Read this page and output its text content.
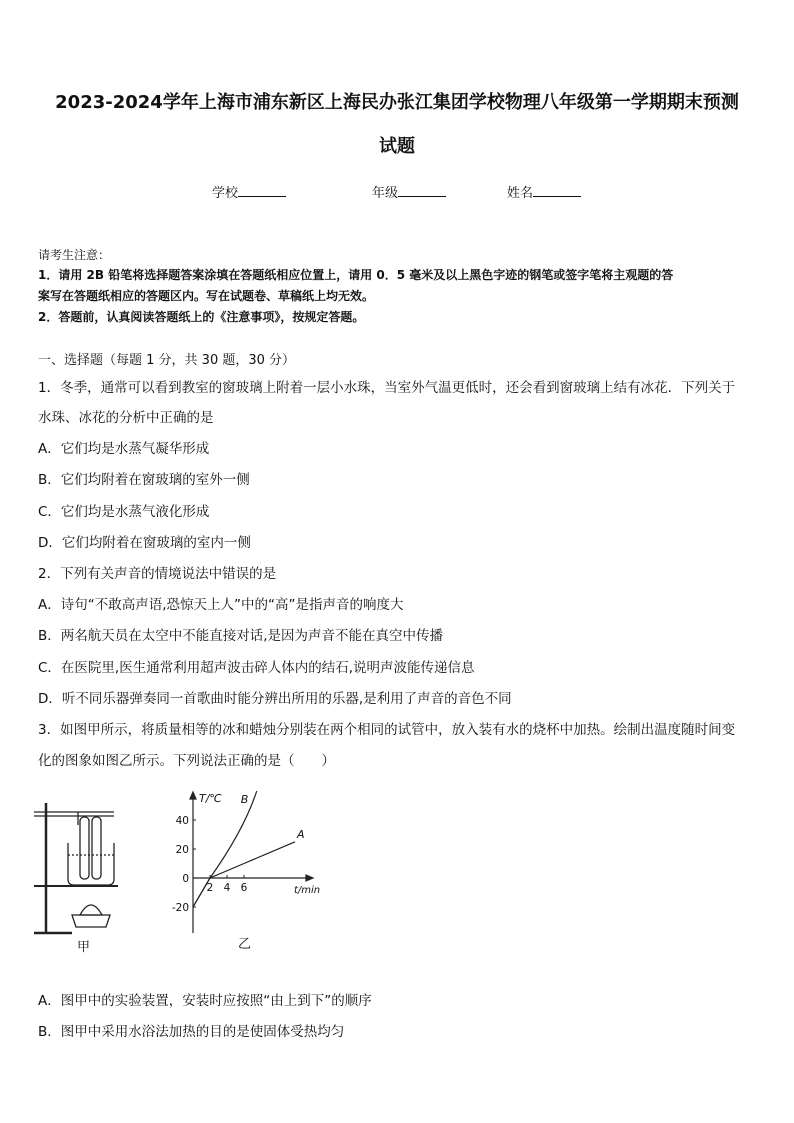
2023-2024学年上海市浦东新区上海民办张江集团学校物理八年级第一学期期末预测
试题
学校	年级	姓名
请考生注意：
1．请用 2B 铅笔将选择题答案涂填在答题纸相应位置上，请用 0．5 毫米及以上黑色字迹的钢笔或签字笔将主观题的答
案写在答题纸相应的答题区内。写在试题卷、草稿纸上均无效。
2．答题前，认真阅读答题纸上的《注意事项》，按规定答题。
一、选择题（每题 1 分，共 30 题，30 分）
1．冬季，通常可以看到教室的窗玻璃上附着一层小水珠，当室外气温更低时，还会看到窗玻璃上结有冰花．下列关于
水珠、冰花的分析中正确的是
A．它们均是水蒸气凝华形成
B．它们均附着在窗玻璃的室外一侧
C．它们均是水蒸气液化形成
D．它们均附着在窗玻璃的室内一侧
2．下列有关声音的情境说法中错误的是
A．诗句“不敢高声语,恐惊天上人”中的“高”是指声音的响度大
B．两名航天员在太空中不能直接对话,是因为声音不能在真空中传播
C．在医院里,医生通常利用超声波击碎人体内的结石,说明声波能传递信息
D．听不同乐器弹奏同一首歌曲时能分辨出所用的乐器,是利用了声音的音色不同
3．如图甲所示，将质量相等的冰和蜡烛分别装在两个相同的试管中，放入装有水的烧杯中加热。绘制出温度随时间变
化的图象如图乙所示。下列说法正确的是（　　）
甲
T/℃
t/min
40
20
0
-20
2 4 6
B
A
乙
A．图甲中的实验装置，安装时应按照“由上到下”的顺序
B．图甲中采用水浴法加热的目的是使固体受热均匀
